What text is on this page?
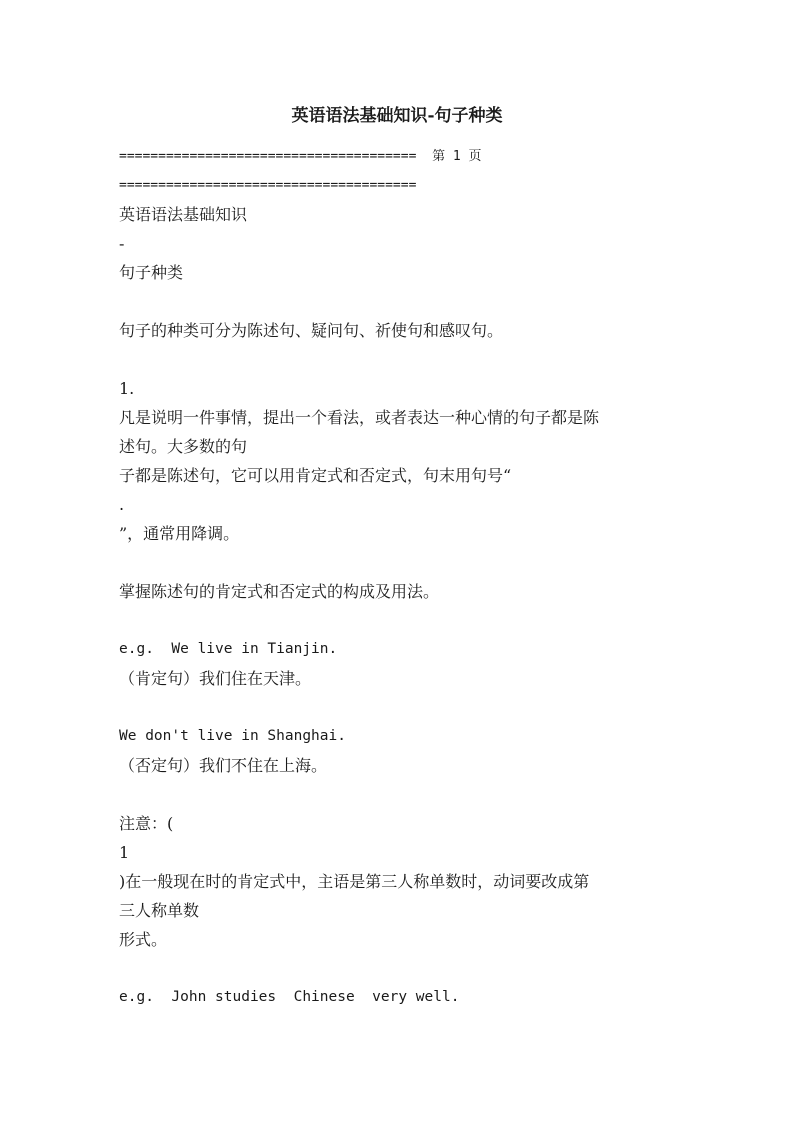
英语语法基础知识-句子种类
======================================  第 1 页
======================================
英语语法基础知识
-
句子种类
句子的种类可分为陈述句、疑问句、祈使句和感叹句。
1.
凡是说明一件事情，提出一个看法，或者表达一种心情的句子都是陈
述句。大多数的句
子都是陈述句，它可以用肯定式和否定式，句末用句号“
.
”，通常用降调。
掌握陈述句的肯定式和否定式的构成及用法。
e.g.  We live in Tianjin.
（肯定句）我们住在天津。
We don't live in Shanghai.
（否定句）我们不住在上海。
注意：(
1
)在一般现在时的肯定式中，主语是第三人称单数时，动词要改成第
三人称单数
形式。
e.g.  John studies  Chinese  very well.
